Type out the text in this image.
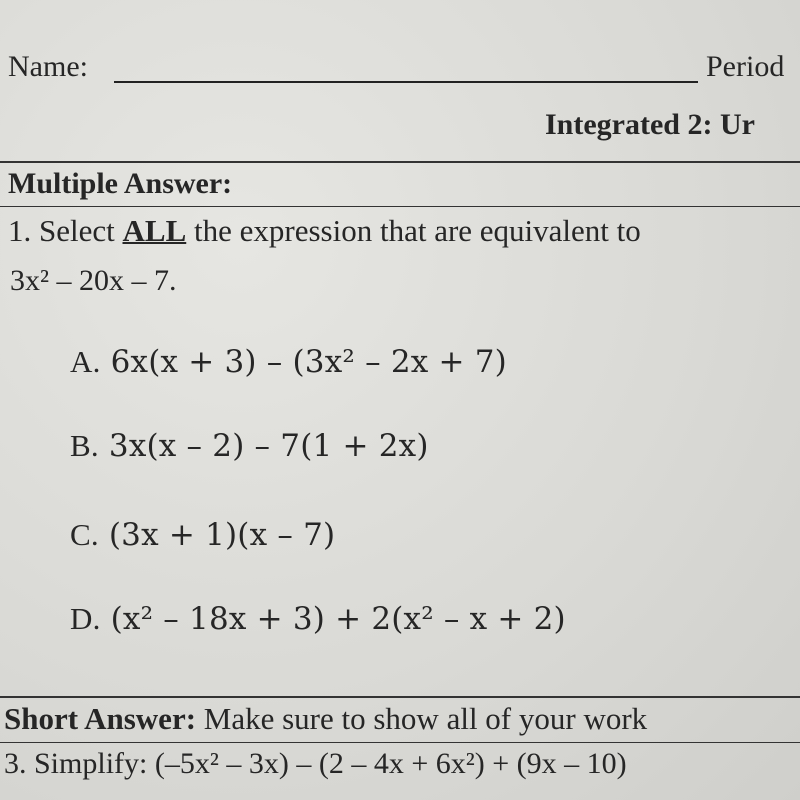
Name:	Period
Integrated 2: Ur
Multiple Answer:
1. Select ALL the expression that are equivalent to
3x² – 20x – 7.
A. 6x(x + 3) – (3x² – 2x + 7)
B. 3x(x – 2) – 7(1 + 2x)
C. (3x + 1)(x – 7)
D. (x² – 18x + 3) + 2(x² – x + 2)
Short Answer: Make sure to show all of your work
3. Simplify: (–5x² – 3x) – (2 – 4x + 6x²) + (9x – 10)
